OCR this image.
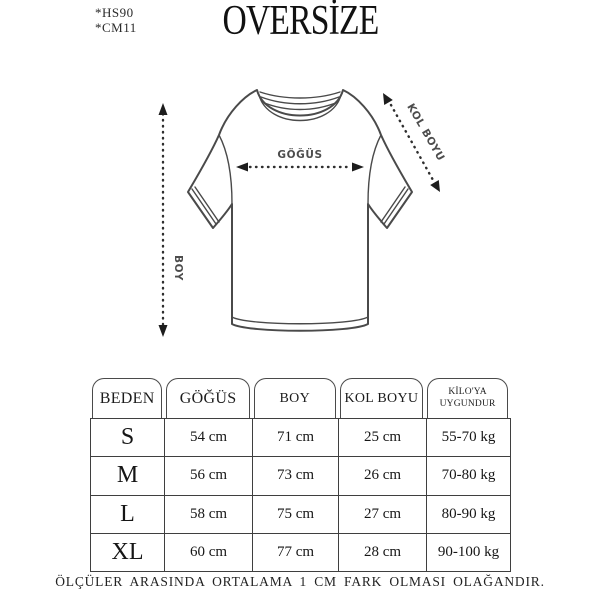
*HS90
*CM11 OVERSİZE
GÖĞÜS
BOY
KOL BOYU
BEDEN	GÖĞÜS	BOY	KOL BOYU	KİLO'YA UYGUNDUR
S	54 cm	71 cm	25 cm	55-70 kg
M	56 cm	73 cm	26 cm	70-80 kg
L	58 cm	75 cm	27 cm	80-90 kg
XL	60 cm	77 cm	28 cm	90-100 kg
ÖLÇÜLER ARASINDA ORTALAMA 1 CM FARK OLMASI OLAĞANDIR.
